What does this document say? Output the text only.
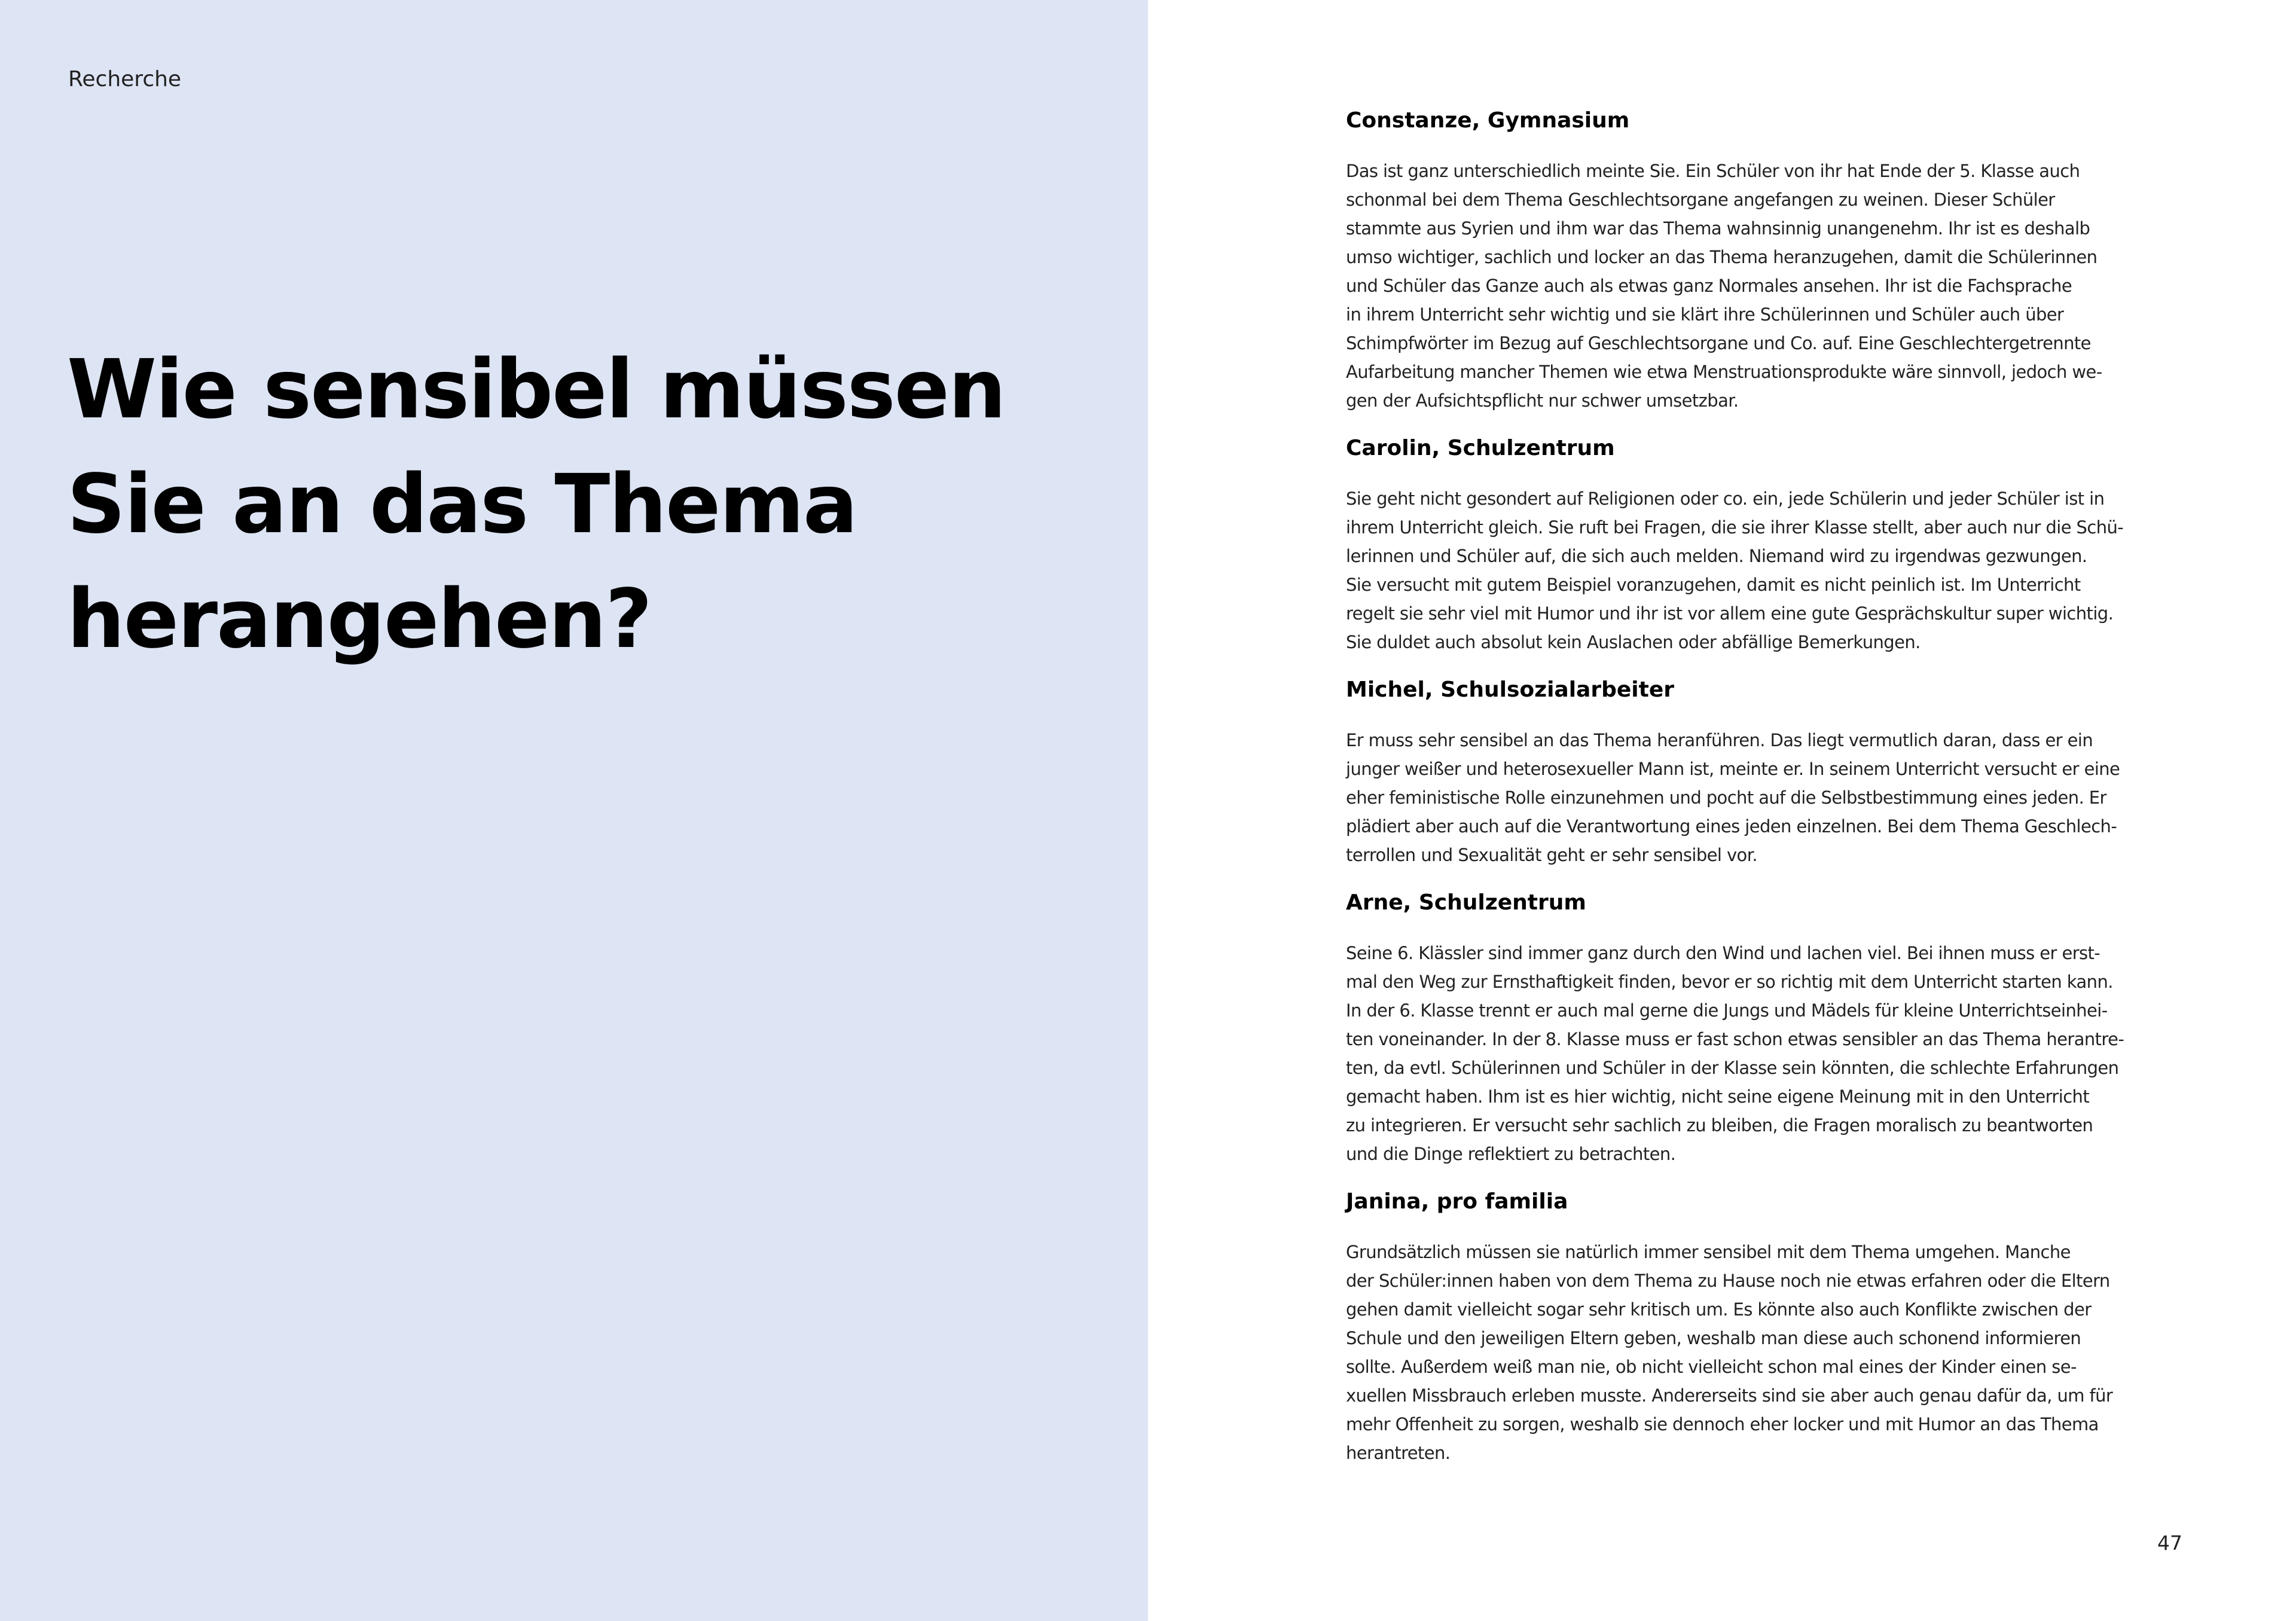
Recherche

Wie sensibel müssen
Sie an das Thema
herangehen?
Constanze, Gymnasium

Das ist ganz unterschiedlich meinte Sie. Ein Schüler von ihr hat Ende der 5. Klasse auch
schonmal bei dem Thema Geschlechtsorgane angefangen zu weinen. Dieser Schüler
stammte aus Syrien und ihm war das Thema wahnsinnig unangenehm. Ihr ist es deshalb
umso wichtiger, sachlich und locker an das Thema heranzugehen, damit die Schülerinnen
und Schüler das Ganze auch als etwas ganz Normales ansehen. Ihr ist die Fachsprache
in ihrem Unterricht sehr wichtig und sie klärt ihre Schülerinnen und Schüler auch über
Schimpfwörter im Bezug auf Geschlechtsorgane und Co. auf. Eine Geschlechtergetrennte
Aufarbeitung mancher Themen wie etwa Menstruationsprodukte wäre sinnvoll, jedoch we-
gen der Aufsichtspflicht nur schwer umsetzbar.

Carolin, Schulzentrum

Sie geht nicht gesondert auf Religionen oder co. ein, jede Schülerin und jeder Schüler ist in
ihrem Unterricht gleich. Sie ruft bei Fragen, die sie ihrer Klasse stellt, aber auch nur die Schü-
lerinnen und Schüler auf, die sich auch melden. Niemand wird zu irgendwas gezwungen.
Sie versucht mit gutem Beispiel voranzugehen, damit es nicht peinlich ist. Im Unterricht
regelt sie sehr viel mit Humor und ihr ist vor allem eine gute Gesprächskultur super wichtig.
Sie duldet auch absolut kein Auslachen oder abfällige Bemerkungen.

Michel, Schulsozialarbeiter

Er muss sehr sensibel an das Thema heranführen. Das liegt vermutlich daran, dass er ein
junger weißer und heterosexueller Mann ist, meinte er. In seinem Unterricht versucht er eine
eher feministische Rolle einzunehmen und pocht auf die Selbstbestimmung eines jeden. Er
plädiert aber auch auf die Verantwortung eines jeden einzelnen. Bei dem Thema Geschlech-
terrollen und Sexualität geht er sehr sensibel vor.

Arne, Schulzentrum

Seine 6. Klässler sind immer ganz durch den Wind und lachen viel. Bei ihnen muss er erst-
mal den Weg zur Ernsthaftigkeit finden, bevor er so richtig mit dem Unterricht starten kann.
In der 6. Klasse trennt er auch mal gerne die Jungs und Mädels für kleine Unterrichtseinhei-
ten voneinander. In der 8. Klasse muss er fast schon etwas sensibler an das Thema herantre-
ten, da evtl. Schülerinnen und Schüler in der Klasse sein könnten, die schlechte Erfahrungen
gemacht haben. Ihm ist es hier wichtig, nicht seine eigene Meinung mit in den Unterricht
zu integrieren. Er versucht sehr sachlich zu bleiben, die Fragen moralisch zu beantworten
und die Dinge reflektiert zu betrachten.

Janina, pro familia

Grundsätzlich müssen sie natürlich immer sensibel mit dem Thema umgehen. Manche
der Schüler:innen haben von dem Thema zu Hause noch nie etwas erfahren oder die Eltern
gehen damit vielleicht sogar sehr kritisch um. Es könnte also auch Konflikte zwischen der
Schule und den jeweiligen Eltern geben, weshalb man diese auch schonend informieren
sollte. Außerdem weiß man nie, ob nicht vielleicht schon mal eines der Kinder einen se-
xuellen Missbrauch erleben musste. Andererseits sind sie aber auch genau dafür da, um für
mehr Offenheit zu sorgen, weshalb sie dennoch eher locker und mit Humor an das Thema
herantreten.

47
